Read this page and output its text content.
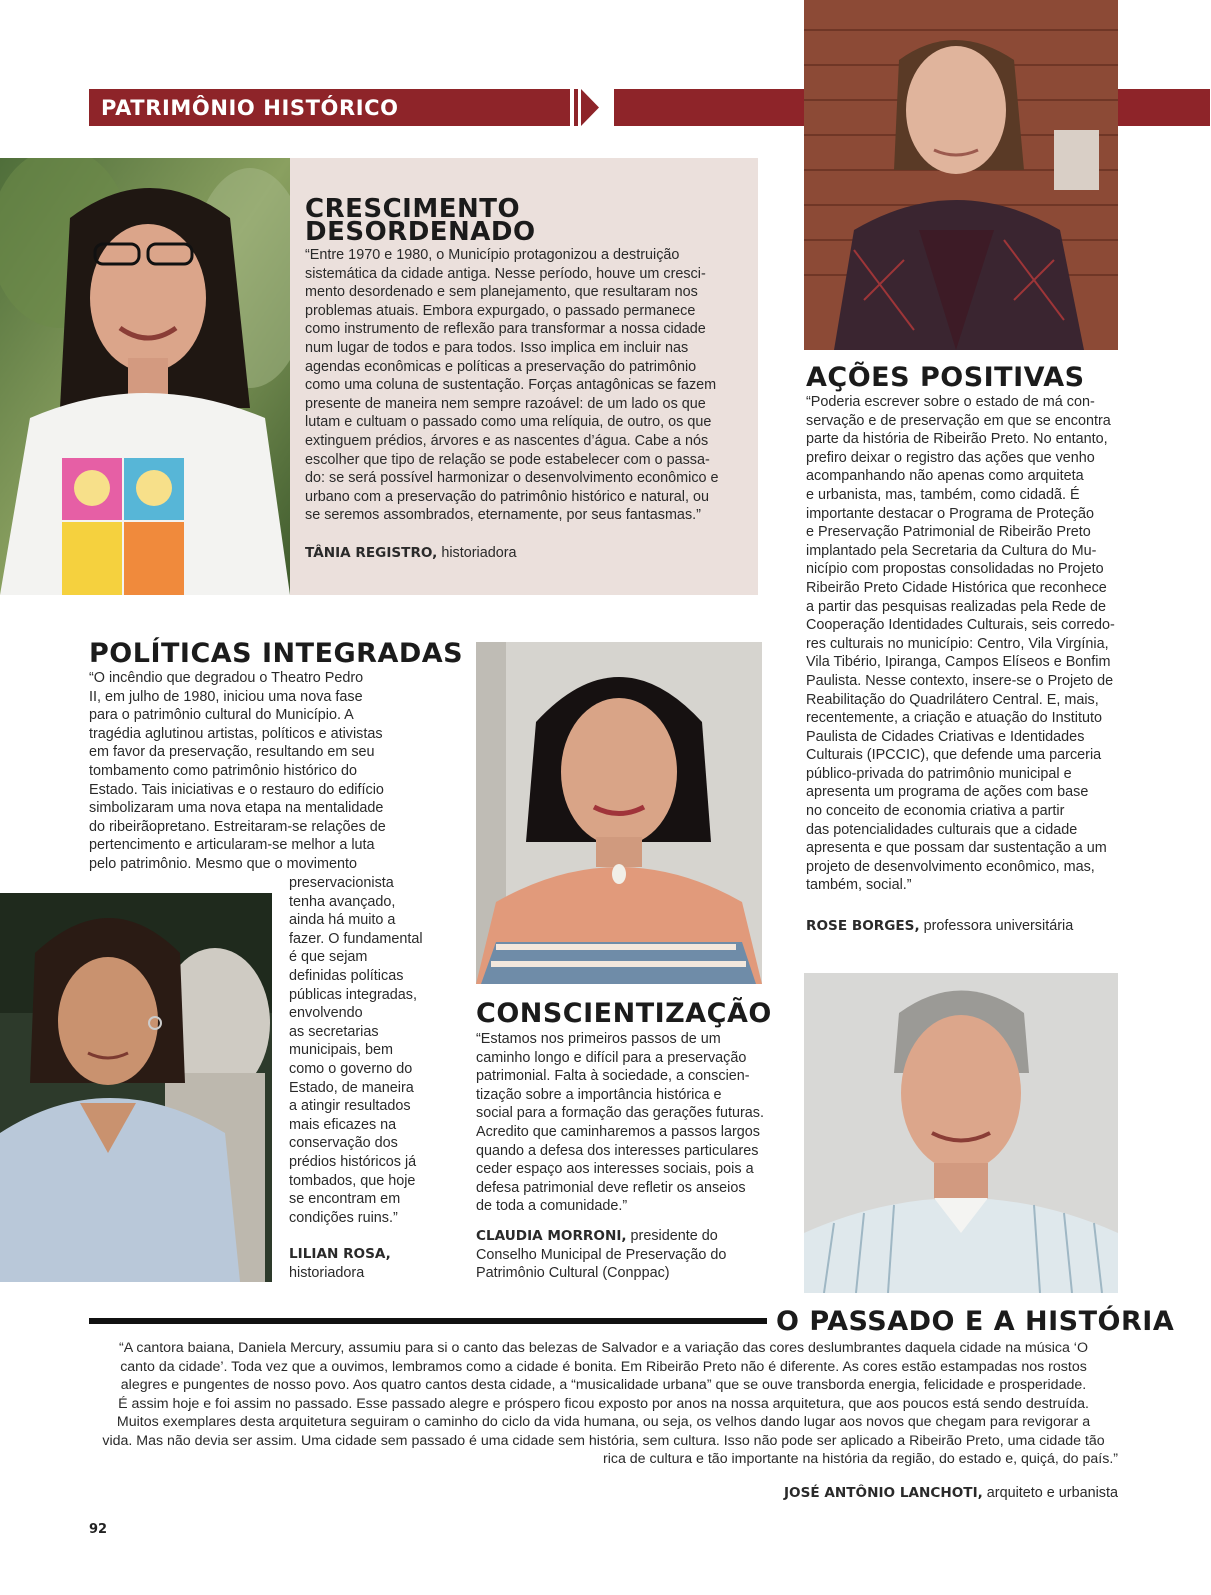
PATRIMÔNIO HISTÓRICO
CRESCIMENTO
DESORDENADO
“Entre 1970 e 1980, o Município protagonizou a destruição
sistemática da cidade antiga. Nesse período, houve um cresci-
mento desordenado e sem planejamento, que resultaram nos
problemas atuais. Embora expurgado, o passado permanece
como instrumento de reflexão para transformar a nossa cidade
num lugar de todos e para todos. Isso implica em incluir nas
agendas econômicas e políticas a preservação do patrimônio
como uma coluna de sustentação. Forças antagônicas se fazem
presente de maneira nem sempre razoável: de um lado os que
lutam e cultuam o passado como uma relíquia, de outro, os que
extinguem prédios, árvores e as nascentes d’água. Cabe a nós
escolher que tipo de relação se pode estabelecer com o passa-
do: se será possível harmonizar o desenvolvimento econômico e
urbano com a preservação do patrimônio histórico e natural, ou
se seremos assombrados, eternamente, por seus fantasmas.”
TÂNIA REGISTRO, historiadora
AÇÕES POSITIVAS
“Poderia escrever sobre o estado de má con-
servação e de preservação em que se encontra
parte da história de Ribeirão Preto. No entanto,
prefiro deixar o registro das ações que venho
acompanhando não apenas como arquiteta
e urbanista, mas, também, como cidadã. É
importante destacar o Programa de Proteção
e Preservação Patrimonial de Ribeirão Preto
implantado pela Secretaria da Cultura do Mu-
nicípio com propostas consolidadas no Projeto
Ribeirão Preto Cidade Histórica que reconhece
a partir das pesquisas realizadas pela Rede de
Cooperação Identidades Culturais, seis corredo-
res culturais no município: Centro, Vila Virgínia,
Vila Tibério, Ipiranga, Campos Elíseos e Bonfim
Paulista. Nesse contexto, insere-se o Projeto de
Reabilitação do Quadrilátero Central. E, mais,
recentemente, a criação e atuação do Instituto
Paulista de Cidades Criativas e Identidades
Culturais (IPCCIC), que defende uma parceria
público-privada do patrimônio municipal e
apresenta um programa de ações com base
no conceito de economia criativa a partir
das potencialidades culturais que a cidade
apresenta e que possam dar sustentação a um
projeto de desenvolvimento econômico, mas,
também, social.”
ROSE BORGES, professora universitária
POLÍTICAS INTEGRADAS
“O incêndio que degradou o Theatro Pedro
II, em julho de 1980, iniciou uma nova fase
para o patrimônio cultural do Município. A
tragédia aglutinou artistas, políticos e ativistas
em favor da preservação, resultando em seu
tombamento como patrimônio histórico do
Estado. Tais iniciativas e o restauro do edifício
simbolizaram uma nova etapa na mentalidade
do ribeirãopretano. Estreitaram-se relações de
pertencimento e articularam-se melhor a luta
pelo patrimônio. Mesmo que o movimento
preservacionista
tenha avançado,
ainda há muito a
fazer. O fundamental
é que sejam
definidas políticas
públicas integradas,
envolvendo
as secretarias
municipais, bem
como o governo do
Estado, de maneira
a atingir resultados
mais eficazes na
conservação dos
prédios históricos já
tombados, que hoje
se encontram em
condições ruins.”
LILIAN ROSA,
historiadora
CONSCIENTIZAÇÃO
“Estamos nos primeiros passos de um
caminho longo e difícil para a preservação
patrimonial. Falta à sociedade, a conscien-
tização sobre a importância histórica e
social para a formação das gerações futuras.
Acredito que caminharemos a passos largos
quando a defesa dos interesses particulares
ceder espaço aos interesses sociais, pois a
defesa patrimonial deve refletir os anseios
de toda a comunidade.”
CLAUDIA MORRONI, presidente do
Conselho Municipal de Preservação do
Patrimônio Cultural (Conppac)
O PASSADO E A HISTÓRIA
“A cantora baiana, Daniela Mercury, assumiu para si o canto das belezas de Salvador e a variação das cores deslumbrantes daquela cidade na música ‘O
canto da cidade’. Toda vez que a ouvimos, lembramos como a cidade é bonita. Em Ribeirão Preto não é diferente. As cores estão estampadas nos rostos
alegres e pungentes de nosso povo. Aos quatro cantos desta cidade, a “musicalidade urbana” que se ouve transborda energia, felicidade e prosperidade.
É assim hoje e foi assim no passado. Esse passado alegre e próspero ficou exposto por anos na nossa arquitetura, que aos poucos está sendo destruída.
Muitos exemplares desta arquitetura seguiram o caminho do ciclo da vida humana, ou seja, os velhos dando lugar aos novos que chegam para revigorar a
vida. Mas não devia ser assim. Uma cidade sem passado é uma cidade sem história, sem cultura. Isso não pode ser aplicado a Ribeirão Preto, uma cidade tão
rica de cultura e tão importante na história da região, do estado e, quiçá, do país.”
JOSÉ ANTÔNIO LANCHOTI, arquiteto e urbanista
92
